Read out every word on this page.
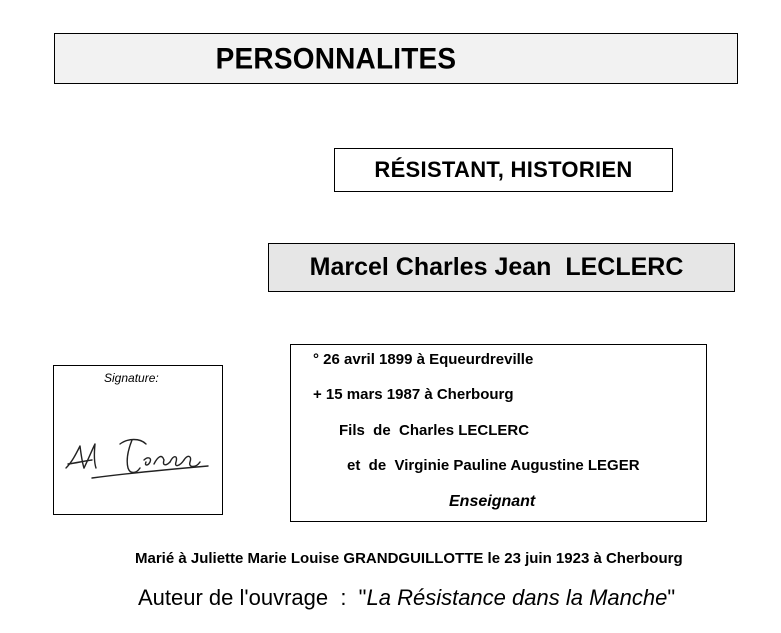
PERSONNALITES
RÉSISTANT, HISTORIEN
Marcel Charles Jean  LECLERC
Signature:
° 26 avril 1899 à Equeurdreville
+ 15 mars 1987 à Cherbourg
Fils  de  Charles LECLERC
et  de  Virginie Pauline Augustine LEGER
Enseignant
Marié à Juliette Marie Louise GRANDGUILLOTTE le 23 juin 1923 à Cherbourg
Auteur de l'ouvrage  :  "La Résistance dans la Manche"
